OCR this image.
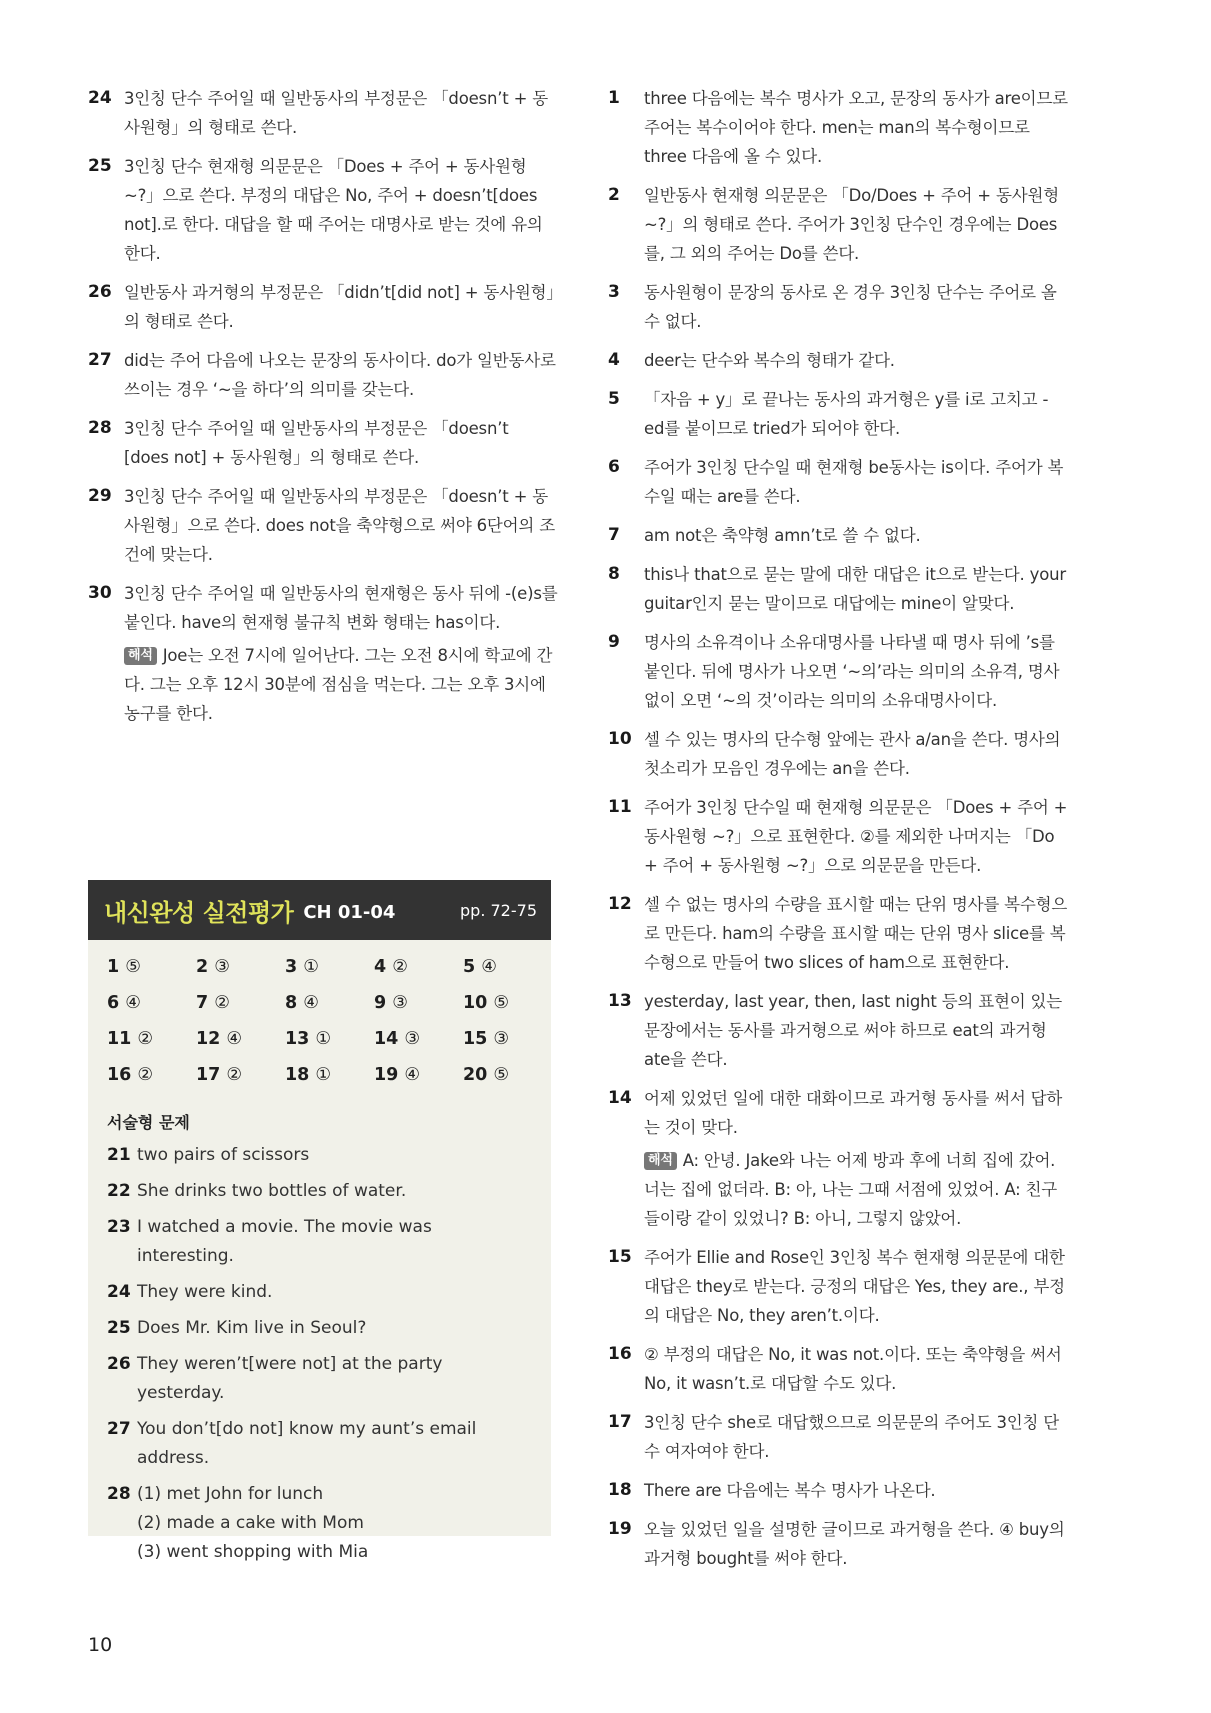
24 3인칭 단수 주어일 때 일반동사의 부정문은 「doesn’t + 동사원형」의 형태로 쓴다.
25 3인칭 단수 현재형 의문문은 「Does + 주어 + 동사원형 ~?」으로 쓴다. 부정의 대답은 No, 주어 + doesn’t[does not].로 한다. 대답을 할 때 주어는 대명사로 받는 것에 유의한다.
26 일반동사 과거형의 부정문은 「didn’t[did not] + 동사원형」의 형태로 쓴다.
27 did는 주어 다음에 나오는 문장의 동사이다. do가 일반동사로 쓰이는 경우 ‘~을 하다’의 의미를 갖는다.
28 3인칭 단수 주어일 때 일반동사의 부정문은 「doesn’t [does not] + 동사원형」의 형태로 쓴다.
29 3인칭 단수 주어일 때 일반동사의 부정문은 「doesn’t + 동사원형」으로 쓴다. does not을 축약형으로 써야 6단어의 조건에 맞는다.
30 3인칭 단수 주어일 때 일반동사의 현재형은 동사 뒤에 -(e)s를 붙인다. have의 현재형 불규칙 변화 형태는 has이다.
해석 Joe는 오전 7시에 일어난다. 그는 오전 8시에 학교에 간다. 그는 오후 12시 30분에 점심을 먹는다. 그는 오후 3시에 농구를 한다.
내신완성 실전평가 CH 01-04	pp. 72-75
1 ⑤	2 ③	3 ①	4 ②	5 ④
6 ④	7 ②	8 ④	9 ③	10 ⑤
11 ②	12 ④	13 ①	14 ③	15 ③
16 ②	17 ②	18 ①	19 ④	20 ⑤
서술형 문제
21 two pairs of scissors
22 She drinks two bottles of water.
23 I watched a movie. The movie was interesting.
24 They were kind.
25 Does Mr. Kim live in Seoul?
26 They weren’t[were not] at the party yesterday.
27 You don’t[do not] know my aunt’s email address.
28 (1) met John for lunch
(2) made a cake with Mom
(3) went shopping with Mia
1	three 다음에는 복수 명사가 오고, 문장의 동사가 are이므로 주어는 복수이어야 한다. men는 man의 복수형이므로 three 다음에 올 수 있다.
2	일반동사 현재형 의문문은 「Do/Does + 주어 + 동사원형 ~?」의 형태로 쓴다. 주어가 3인칭 단수인 경우에는 Does를, 그 외의 주어는 Do를 쓴다.
3	동사원형이 문장의 동사로 온 경우 3인칭 단수는 주어로 올 수 없다.
4	deer는 단수와 복수의 형태가 같다.
5	「자음 + y」로 끝나는 동사의 과거형은 y를 i로 고치고 -ed를 붙이므로 tried가 되어야 한다.
6	주어가 3인칭 단수일 때 현재형 be동사는 is이다. 주어가 복수일 때는 are를 쓴다.
7	am not은 축약형 amn’t로 쓸 수 없다.
8	this나 that으로 묻는 말에 대한 대답은 it으로 받는다. your guitar인지 묻는 말이므로 대답에는 mine이 알맞다.
9	명사의 소유격이나 소유대명사를 나타낼 때 명사 뒤에 ’s를 붙인다. 뒤에 명사가 나오면 ‘~의’라는 의미의 소유격, 명사 없이 오면 ‘~의 것’이라는 의미의 소유대명사이다.
10 셀 수 있는 명사의 단수형 앞에는 관사 a/an을 쓴다. 명사의 첫소리가 모음인 경우에는 an을 쓴다.
11 주어가 3인칭 단수일 때 현재형 의문문은 「Does + 주어 + 동사원형 ~?」으로 표현한다. ②를 제외한 나머지는 「Do + 주어 + 동사원형 ~?」으로 의문문을 만든다.
12 셀 수 없는 명사의 수량을 표시할 때는 단위 명사를 복수형으로 만든다. ham의 수량을 표시할 때는 단위 명사 slice를 복수형으로 만들어 two slices of ham으로 표현한다.
13 yesterday, last year, then, last night 등의 표현이 있는 문장에서는 동사를 과거형으로 써야 하므로 eat의 과거형 ate을 쓴다.
14 어제 있었던 일에 대한 대화이므로 과거형 동사를 써서 답하는 것이 맞다.
해석 A: 안녕. Jake와 나는 어제 방과 후에 너희 집에 갔어. 너는 집에 없더라. B: 아, 나는 그때 서점에 있었어. A: 친구들이랑 같이 있었니? B: 아니, 그렇지 않았어.
15 주어가 Ellie and Rose인 3인칭 복수 현재형 의문문에 대한 대답은 they로 받는다. 긍정의 대답은 Yes, they are., 부정의 대답은 No, they aren’t.이다.
16 ② 부정의 대답은 No, it was not.이다. 또는 축약형을 써서 No, it wasn’t.로 대답할 수도 있다.
17 3인칭 단수 she로 대답했으므로 의문문의 주어도 3인칭 단수 여자여야 한다.
18 There are 다음에는 복수 명사가 나온다.
19 오늘 있었던 일을 설명한 글이므로 과거형을 쓴다. ④ buy의 과거형 bought를 써야 한다.
10
